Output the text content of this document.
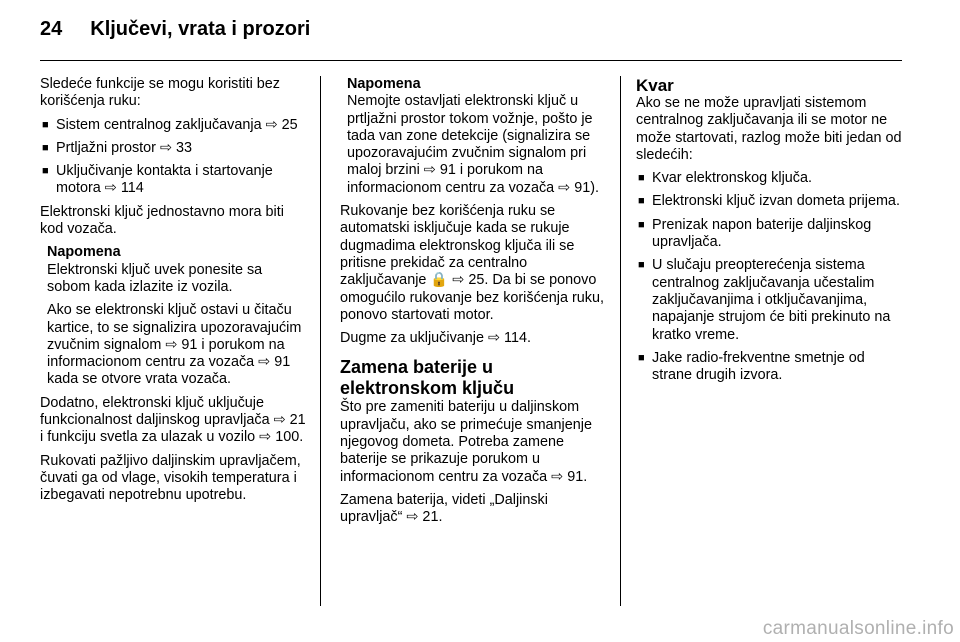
24 Ključevi, vrata i prozori

Sledeće funkcije se mogu koristiti bez korišćenja ruku:

■ Sistem centralnog zaključavanja ⇨ 25
■ Prtljažni prostor ⇨ 33
■ Uključivanje kontakta i startovanje motora ⇨ 114

Elektronski ključ jednostavno mora biti kod vozača.

Napomena

Elektronski ključ uvek ponesite sa sobom kada izlazite iz vozila.

Ako se elektronski ključ ostavi u čitaču kartice, to se signalizira upozoravajućim zvučnim signalom ⇨ 91 i porukom na informacionom centru za vozača ⇨ 91 kada se otvore vrata vozača.

Dodatno, elektronski ključ uključuje funkcionalnost daljinskog upravljača ⇨ 21 i funkciju svetla za ulazak u vozilo ⇨ 100.

Rukovati pažljivo daljinskim upravljačem, čuvati ga od vlage, visokih temperatura i izbegavati nepotrebnu upotrebu.

Napomena

Nemojte ostavljati elektronski ključ u prtljažni prostor tokom vožnje, pošto je tada van zone detekcije (signalizira se upozoravajućim zvučnim signalom pri maloj brzini ⇨ 91 i porukom na informacionom centru za vozača ⇨ 91).

Rukovanje bez korišćenja ruku se automatski isključuje kada se rukuje dugmadima elektronskog ključa ili se pritisne prekidač za centralno zaključavanje 🔒 ⇨ 25. Da bi se ponovo omogućilo rukovanje bez korišćenja ruku, ponovo startovati motor.

Dugme za uključivanje ⇨ 114.

Zamena baterije u elektronskom ključu

Što pre zameniti bateriju u daljinskom upravljaču, ako se primećuje smanjenje njegovog dometa. Potreba zamene baterije se prikazuje porukom u informacionom centru za vozača ⇨ 91.

Zamena baterija, videti „Daljinski upravljač“ ⇨ 21.

Kvar

Ako se ne može upravljati sistemom centralnog zaključavanja ili se motor ne može startovati, razlog može biti jedan od sledećih:

■ Kvar elektronskog ključa.
■ Elektronski ključ izvan dometa prijema.
■ Prenizak napon baterije daljinskog upravljača.
■ U slučaju preopterećenja sistema centralnog zaključavanja učestalim zaključavanjima i otključavanjima, napajanje strujom će biti prekinuto na kratko vreme.
■ Jake radio-frekventne smetnje od strane drugih izvora.
carmanualsonline.info
